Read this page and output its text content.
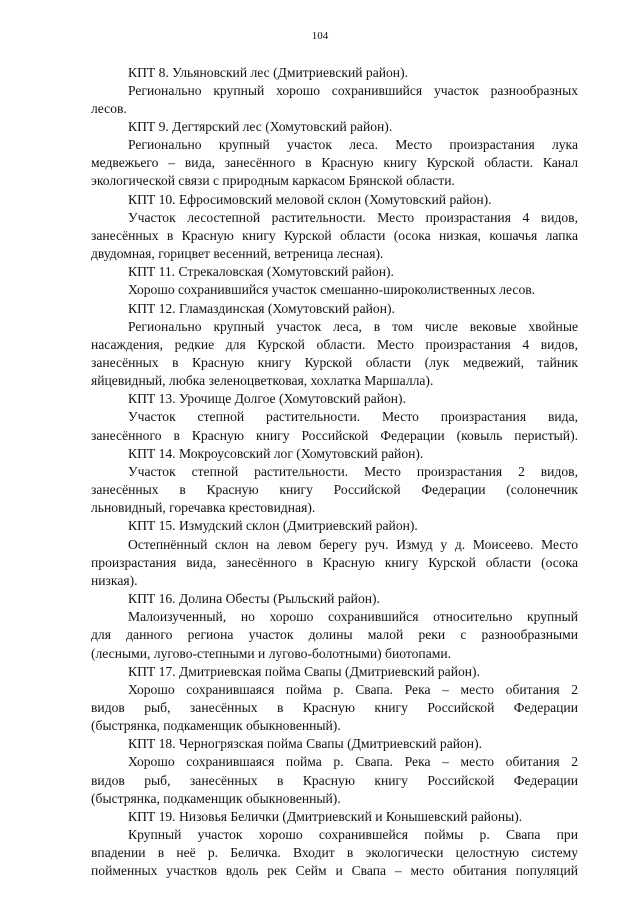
104
КПТ 8. Ульяновский лес (Дмитриевский район).
Регионально крупный хорошо сохранившийся участок разнообразных
лесов.
КПТ 9. Дегтярский лес (Хомутовский район).
Регионально крупный участок леса. Место произрастания лука
медвежьего – вида, занесённого в Красную книгу Курской области. Канал
экологической связи с природным каркасом Брянской области.
КПТ 10. Ефросимовский меловой склон (Хомутовский район).
Участок лесостепной растительности. Место произрастания 4 видов,
занесённых в Красную книгу Курской области (осока низкая, кошачья лапка
двудомная, горицвет весенний, ветреница лесная).
КПТ 11. Стрекаловская (Хомутовский район).
Хорошо сохранившийся участок смешанно-широколиственных лесов.
КПТ 12. Гламаздинская (Хомутовский район).
Регионально крупный участок леса, в том числе вековые хвойные
насаждения, редкие для Курской области. Место произрастания 4 видов,
занесённых в Красную книгу Курской области (лук медвежий, тайник
яйцевидный, любка зеленоцветковая, хохлатка Маршалла).
КПТ 13. Урочище Долгое (Хомутовский район).
Участок степной растительности. Место произрастания вида,
занесённого в Красную книгу Российской Федерации (ковыль перистый).
КПТ 14. Мокроусовский лог (Хомутовский район).
Участок степной растительности. Место произрастания 2 видов,
занесённых в Красную книгу Российской Федерации (солонечник
льновидный, горечавка крестовидная).
КПТ 15. Измудский склон (Дмитриевский район).
Остепнённый склон на левом берегу руч. Измуд у д. Моисеево. Место
произрастания вида, занесённого в Красную книгу Курской области (осока
низкая).
КПТ 16. Долина Обесты (Рыльский район).
Малоизученный, но хорошо сохранившийся относительно крупный
для данного региона участок долины малой реки с разнообразными
(лесными, лугово-степными и лугово-болотными) биотопами.
КПТ 17. Дмитриевская пойма Свапы (Дмитриевский район).
Хорошо сохранившаяся пойма р. Свапа. Река – место обитания 2
видов рыб, занесённых в Красную книгу Российской Федерации
(быстрянка, подкаменщик обыкновенный).
КПТ 18. Черногрязская пойма Свапы (Дмитриевский район).
Хорошо сохранившаяся пойма р. Свапа. Река – место обитания 2
видов рыб, занесённых в Красную книгу Российской Федерации
(быстрянка, подкаменщик обыкновенный).
КПТ 19. Низовья Белички (Дмитриевский и Конышевский районы).
Крупный участок хорошо сохранившейся поймы р. Свапа при
впадении в неё р. Беличка. Входит в экологически целостную систему
пойменных участков вдоль рек Сейм и Свапа – место обитания популяций
